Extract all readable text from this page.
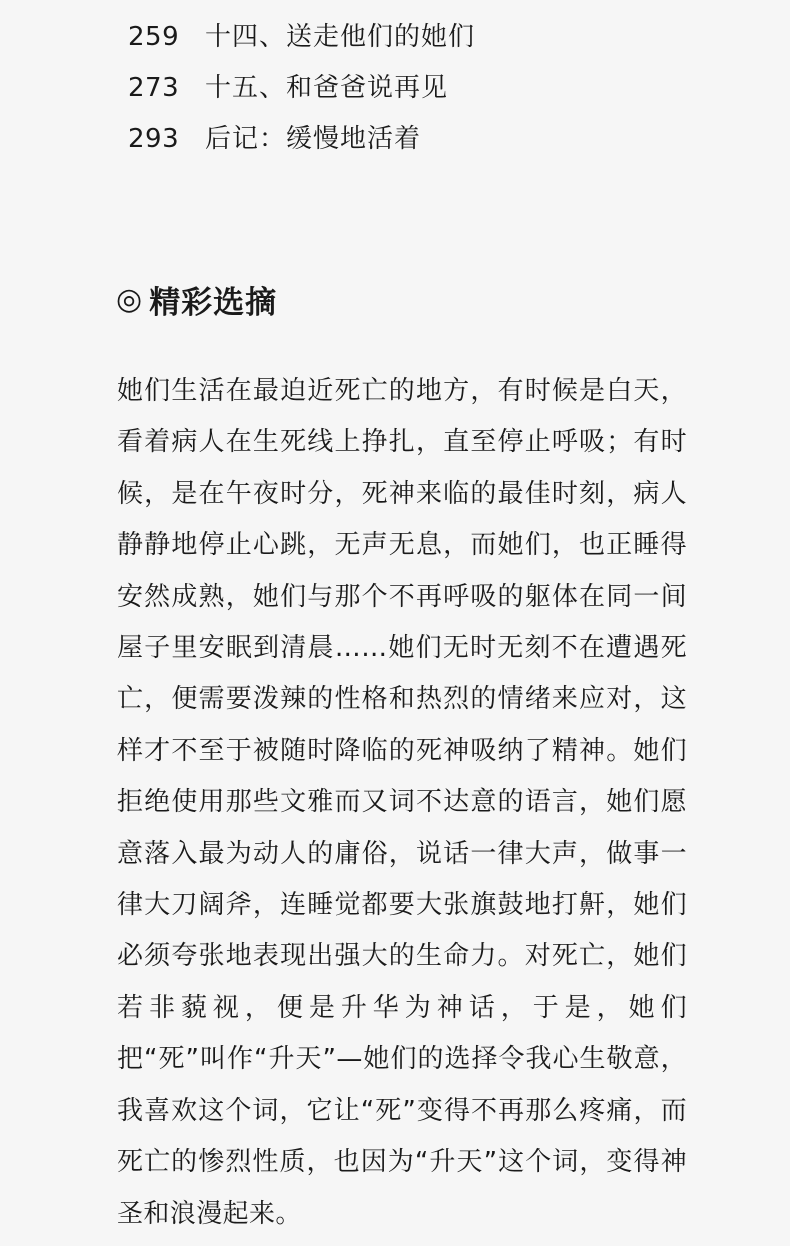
259 十四、送走他们的她们
273 十五、和爸爸说再见
293 后记：缓慢地活着
◎ 精彩选摘

她们生活在最迫近死亡的地方，有时候是白天，看着病人在生死线上挣扎，直至停止呼吸；有时候，是在午夜时分，死神来临的最佳时刻，病人静静地停止心跳，无声无息，而她们，也正睡得安然成熟，她们与那个不再呼吸的躯体在同一间屋子里安眠到清晨……她们无时无刻不在遭遇死亡，便需要泼辣的性格和热烈的情绪来应对，这样才不至于被随时降临的死神吸纳了精神。她们拒绝使用那些文雅而又词不达意的语言，她们愿意落入最为动人的庸俗，说话一律大声，做事一律大刀阔斧，连睡觉都要大张旗鼓地打鼾，她们必须夸张地表现出强大的生命力。对死亡，她们若非藐视，便是升华为神话，于是，她们把“死”叫作“升天”—她们的选择令我心生敬意，我喜欢这个词，它让“死”变得不再那么疼痛，而死亡的惨烈性质，也因为“升天”这个词，变得神圣和浪漫起来。
